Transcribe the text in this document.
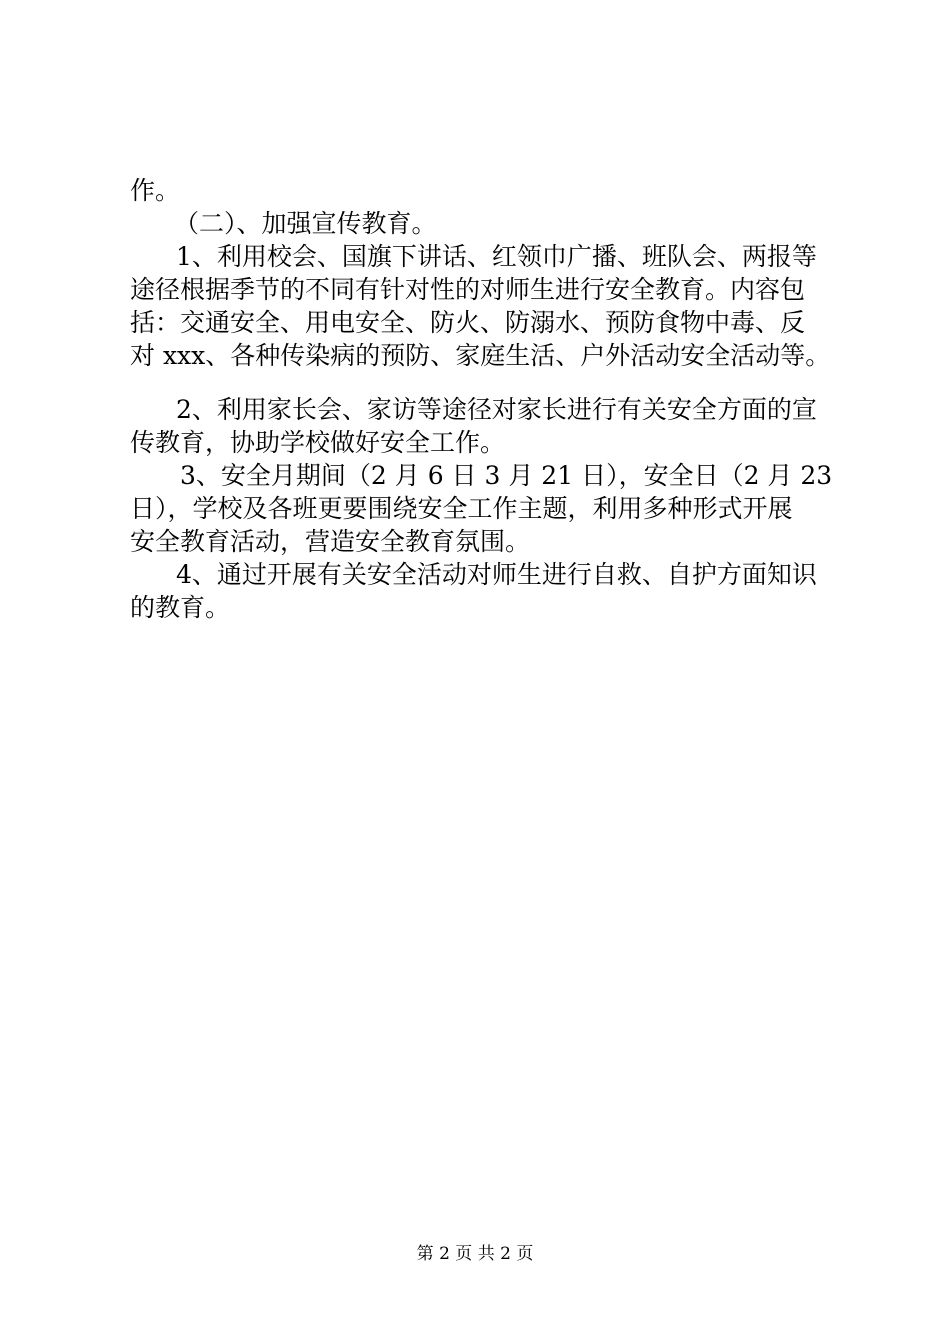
作。
（二）、加强宣传教育。
1、利用校会、国旗下讲话、红领巾广播、班队会、两报等
途径根据季节的不同有针对性的对师生进行安全教育。内容包
括：交通安全、用电安全、防火、防溺水、预防食物中毒、反
对 xxx、各种传染病的预防、家庭生活、户外活动安全活动等。
2、利用家长会、家访等途径对家长进行有关安全方面的宣
传教育，协助学校做好安全工作。
3、安全月期间（2 月 6 日 3 月 21 日），安全日（2 月 23
日），学校及各班更要围绕安全工作主题，利用多种形式开展
安全教育活动，营造安全教育氛围。
4、通过开展有关安全活动对师生进行自救、自护方面知识
的教育。
第 2 页 共 2 页
